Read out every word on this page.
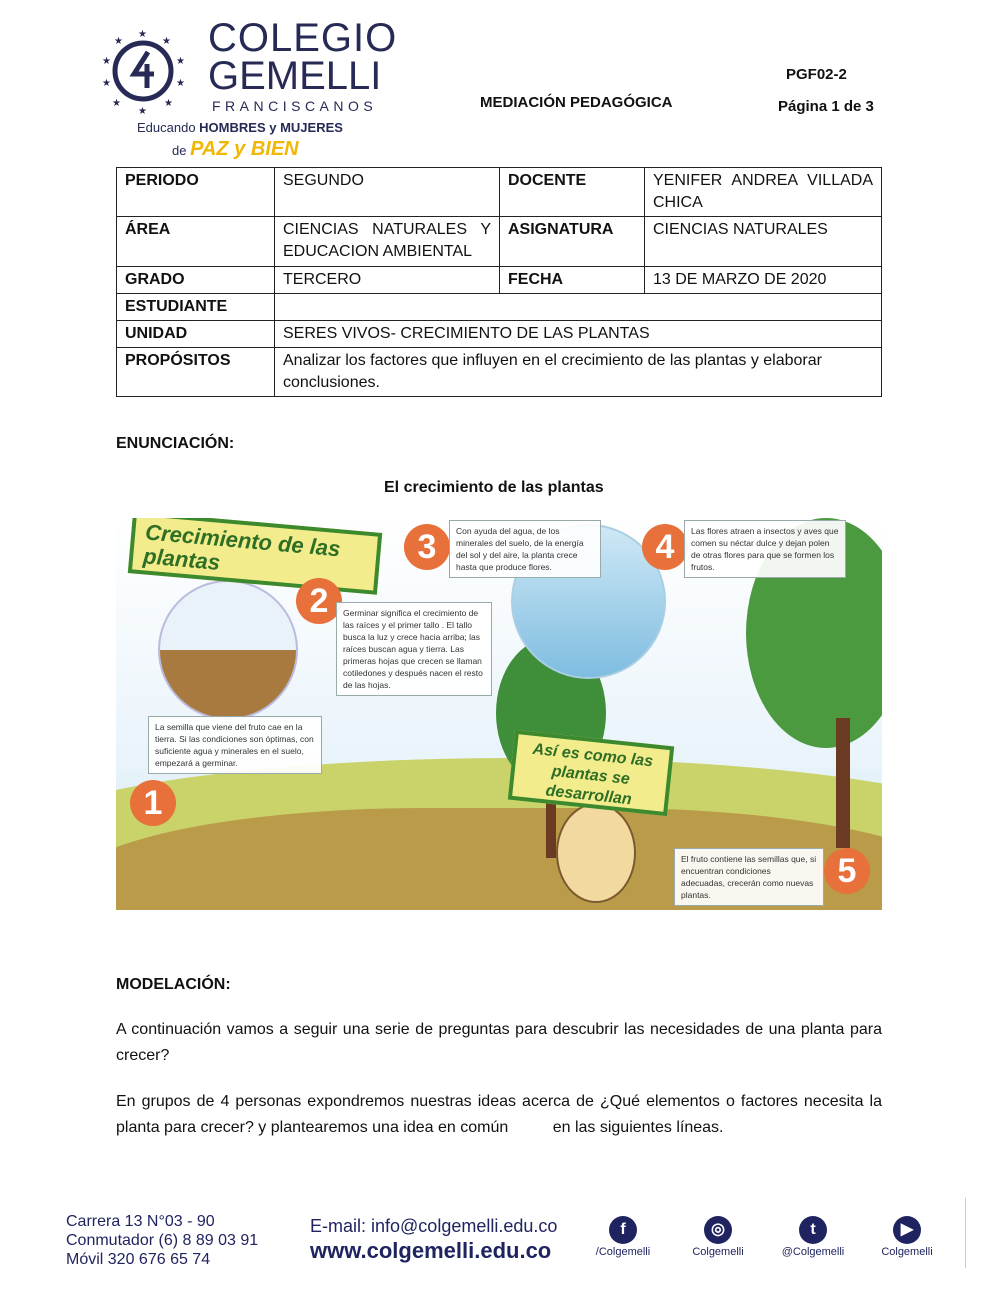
★
★	★
★	★
★	★
★	★
★
COLEGIO
GEMELLI
FRANCISCANOS
Educando HOMBRES y MUJERES
de PAZ y BIEN
MEDIACIÓN PEDAGÓGICA
PGF02-2
Página 1 de 3
PERIODO	SEGUNDO	DOCENTE	YENIFER ANDREA VILLADA CHICA
ÁREA	CIENCIAS NATURALES Y EDUCACION AMBIENTAL	ASIGNATURA	CIENCIAS NATURALES
GRADO	TERCERO	FECHA	13 DE MARZO DE 2020
ESTUDIANTE			
UNIDAD	SERES VIVOS- CRECIMIENTO DE LAS PLANTAS		
PROPÓSITOS	Analizar los factores que influyen en el crecimiento de las plantas y elaborar conclusiones.		
ENUNCIACIÓN:
El crecimiento de las plantas
Crecimiento de las plantas
Así es como las plantas se desarrollan
1
La semilla que viene del fruto cae en la tierra. Si las condiciones son óptimas, con suficiente agua y minerales en el suelo, empezará a germinar.
2	Germinar significa el crecimiento de las raíces y el primer tallo . El tallo busca la luz y crece hacia arriba; las raíces buscan agua y tierra. Las primeras hojas que crecen se llaman cotiledones y después nacen el resto de las hojas.
3	Con ayuda del agua, de los minerales del suelo, de la energía del sol y del aire, la planta crece hasta que produce flores.
4	Las flores atraen a insectos y aves que comen su néctar dulce y dejan polen de otras flores para que se formen los frutos.
5
El fruto contiene las semillas que, si encuentran condiciones adecuadas, crecerán como nuevas plantas.
MODELACIÓN:
A continuación vamos a seguir una serie de preguntas para descubrir las necesidades de una planta para crecer?
En grupos de 4 personas expondremos nuestras ideas acerca de ¿Qué elementos o factores necesita la planta para crecer? y plantearemos una idea en común          en las siguientes líneas.
Carrera 13 N°03 - 90
Conmutador (6) 8 89 03 91
Móvil 320 676 65 74
E-mail: info@colgemelli.edu.co
www.colgemelli.edu.co
f
/Colgemelli
◎
Colgemelli
t
@Colgemelli
▶
Colgemelli
